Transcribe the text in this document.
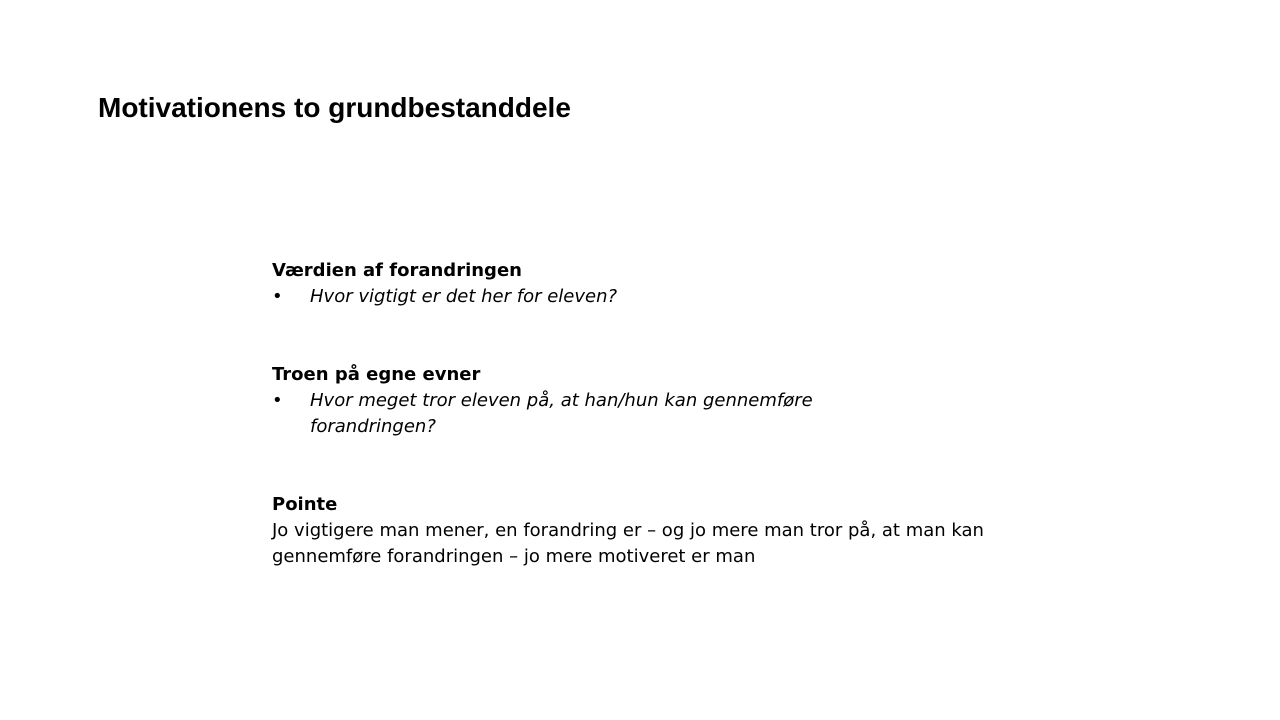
Motivationens to grundbestanddele

Værdien af forandringen

• Hvor vigtigt er det her for eleven?

Troen på egne evner

• Hvor meget tror eleven på, at han/hun kan gennemføre forandringen?

Pointe

Jo vigtigere man mener, en forandring er – og jo mere man tror på, at man kan gennemføre forandringen – jo mere motiveret er man
